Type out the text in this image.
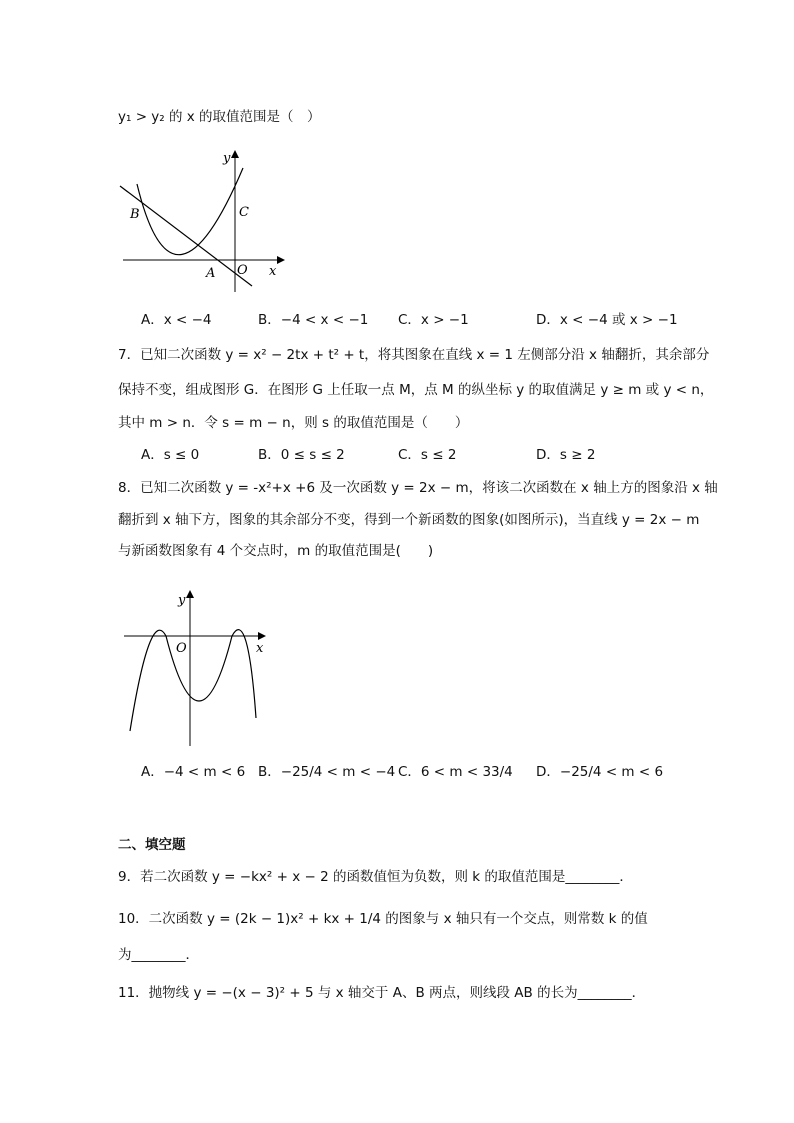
y₁ > y₂ 的 x 的取值范围是（　）
y
x
B	C
A O
A．x < −4	B．−4 < x < −1 C．x > −1	D．x < −4 或 x > −1
7．已知二次函数 y = x² − 2tx + t² + t，将其图象在直线 x = 1 左侧部分沿 x 轴翻折，其余部分
保持不变，组成图形 G．在图形 G 上任取一点 M，点 M 的纵坐标 y 的取值满足 y ≥ m 或 y < n，
其中 m > n．令 s = m − n，则 s 的取值范围是（　　）
A．s ≤ 0	B．0 ≤ s ≤ 2	C．s ≤ 2	D．s ≥ 2
8．已知二次函数 y = -x²+x +6 及一次函数 y = 2x − m，将该二次函数在 x 轴上方的图象沿 x 轴
翻折到 x 轴下方，图象的其余部分不变，得到一个新函数的图象(如图所示)，当直线 y = 2x − m
与新函数图象有 4 个交点时，m 的取值范围是(　　)
y
x
O
A．−4 < m < 6 B．−25/4 < m < −4 C．6 < m < 33/4 D．−25/4 < m < 6
二、填空题
9．若二次函数 y = −kx² + x − 2 的函数值恒为负数，则 k 的取值范围是________．
10．二次函数 y = (2k − 1)x² + kx + 1/4 的图象与 x 轴只有一个交点，则常数 k 的值
为________．
11．抛物线 y = −(x − 3)² + 5 与 x 轴交于 A、B 两点，则线段 AB 的长为________．
